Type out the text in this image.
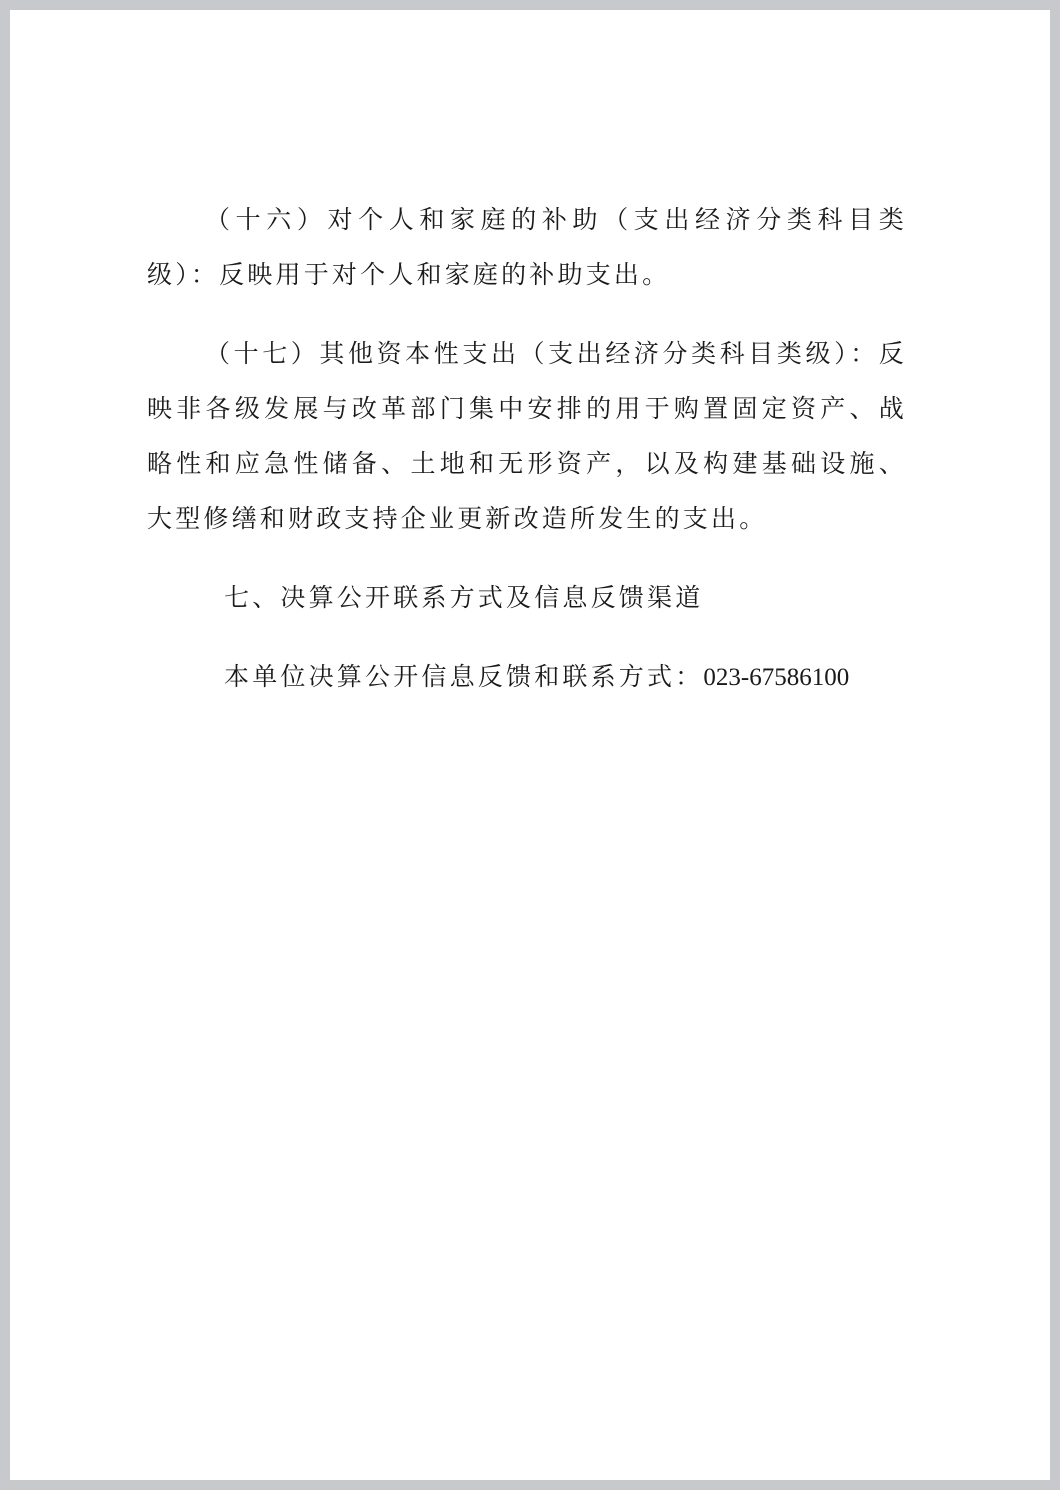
（十六）对个人和家庭的补助（支出经济分类科目类级）：反映用于对个人和家庭的补助支出。

（十七）其他资本性支出（支出经济分类科目类级）：反映非各级发展与改革部门集中安排的用于购置固定资产、战略性和应急性储备、土地和无形资产，以及构建基础设施、大型修缮和财政支持企业更新改造所发生的支出。

七、决算公开联系方式及信息反馈渠道

本单位决算公开信息反馈和联系方式：023-67586100
